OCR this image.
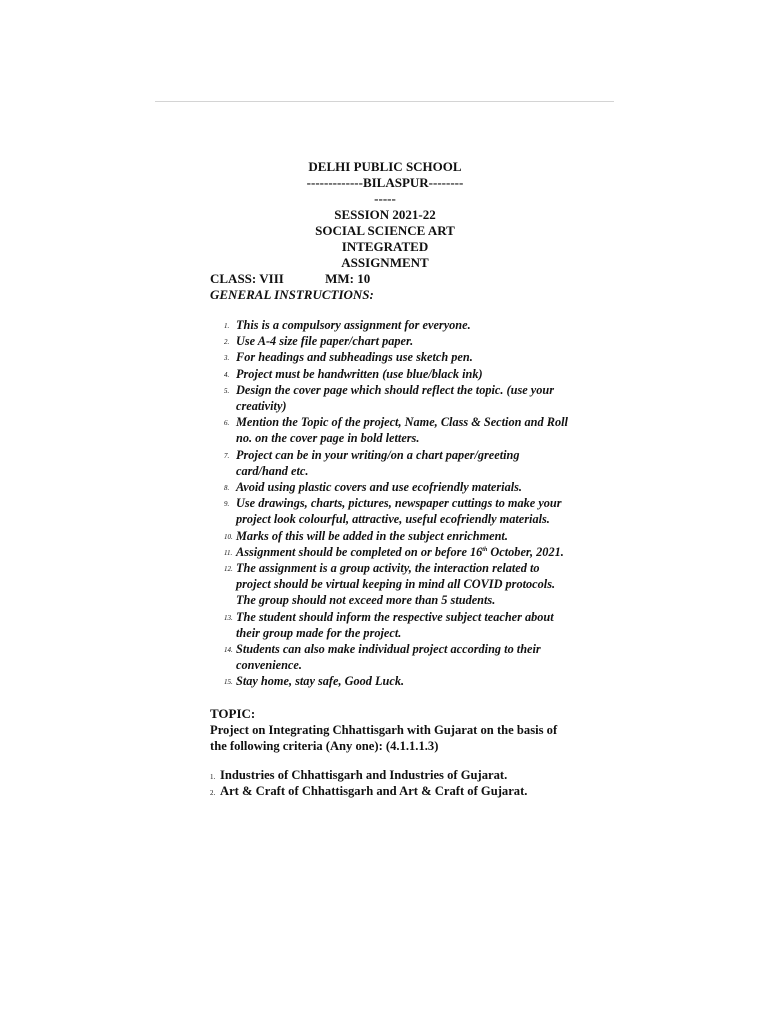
DELHI PUBLIC SCHOOL
-------------BILASPUR--------
-----
SESSION 2021-22
SOCIAL SCIENCE ART
INTEGRATED
ASSIGNMENT
CLASS: VIII	MM: 10
GENERAL INSTRUCTIONS:
1. This is a compulsory assignment for everyone.
2. Use A-4 size file paper/chart paper.
3. For headings and subheadings use sketch pen.
4. Project must be handwritten (use blue/black ink)
5. Design the cover page which should reflect the topic. (use your creativity)
6. Mention the Topic of the project, Name, Class & Section and Roll no. on the cover page in bold letters.
7. Project can be in your writing/on a chart paper/greeting card/hand etc.
8. Avoid using plastic covers and use ecofriendly materials.
9. Use drawings, charts, pictures, newspaper cuttings to make your project look colourful, attractive, useful ecofriendly materials.
10. Marks of this will be added in the subject enrichment.
11. Assignment should be completed on or before 16th October, 2021.
12. The assignment is a group activity, the interaction related to project should be virtual keeping in mind all COVID protocols. The group should not exceed more than 5 students.
13. The student should inform the respective subject teacher about their group made for the project.
14. Students can also make individual project according to their convenience.
15. Stay home, stay safe, Good Luck.
TOPIC:
Project on Integrating Chhattisgarh with Gujarat on the basis of the following criteria (Any one): (4.1.1.1.3)
1. Industries of Chhattisgarh and Industries of Gujarat.
2. Art & Craft of Chhattisgarh and Art & Craft of Gujarat.
